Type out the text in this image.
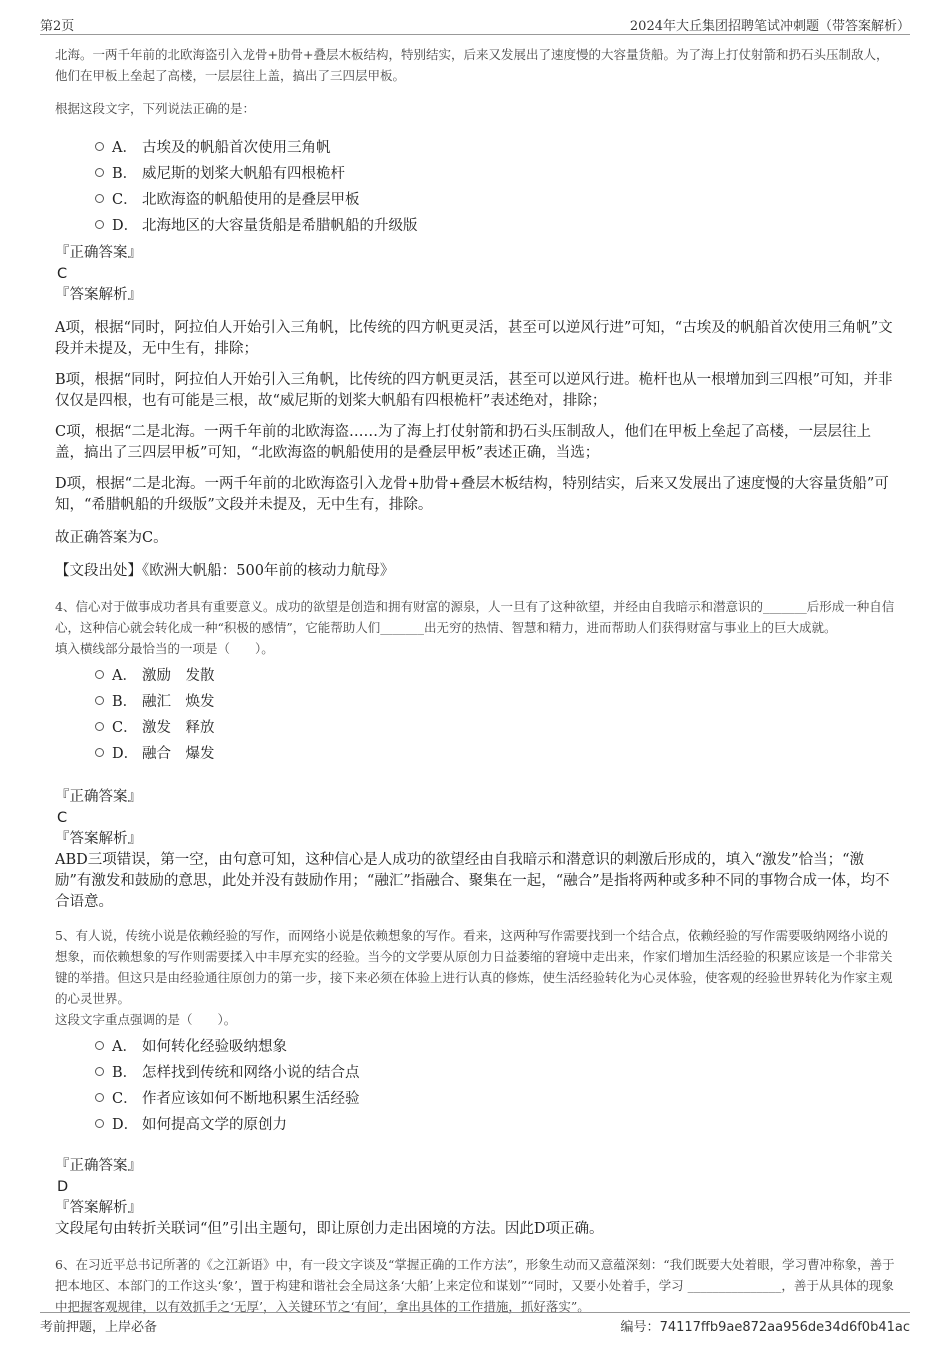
第2页	2024年大丘集团招聘笔试冲刺题（带答案解析）

北海。一两千年前的北欧海盗引入龙骨+肋骨+叠层木板结构，特别结实，后来又发展出了速度慢的大容量货船。为了海上打仗射箭和扔石头压制敌人，他们在甲板上垒起了高楼，一层层往上盖，搞出了三四层甲板。

根据这段文字，下列说法正确的是：

A． 古埃及的帆船首次使用三角帆
B． 威尼斯的划桨大帆船有四根桅杆
C． 北欧海盗的帆船使用的是叠层甲板
D． 北海地区的大容量货船是希腊帆船的升级版

『正确答案』

C

『答案解析』

A项，根据“同时，阿拉伯人开始引入三角帆，比传统的四方帆更灵活，甚至可以逆风行进”可知，“古埃及的帆船首次使用三角帆”文段并未提及，无中生有，排除；

B项，根据“同时，阿拉伯人开始引入三角帆，比传统的四方帆更灵活，甚至可以逆风行进。桅杆也从一根增加到三四根”可知，并非仅仅是四根，也有可能是三根，故“威尼斯的划桨大帆船有四根桅杆”表述绝对，排除；

C项，根据“二是北海。一两千年前的北欧海盗……为了海上打仗射箭和扔石头压制敌人，他们在甲板上垒起了高楼，一层层往上盖，搞出了三四层甲板”可知，“北欧海盗的帆船使用的是叠层甲板”表述正确，当选；

D项，根据“二是北海。一两千年前的北欧海盗引入龙骨+肋骨+叠层木板结构，特别结实，后来又发展出了速度慢的大容量货船”可知，“希腊帆船的升级版”文段并未提及，无中生有，排除。

故正确答案为C。

【文段出处】《欧洲大帆船：500年前的核动力航母》

4、信心对于做事成功者具有重要意义。成功的欲望是创造和拥有财富的源泉，人一旦有了这种欲望，并经由自我暗示和潜意识的_______后形成一种自信心，这种信心就会转化成一种“积极的感情”，它能帮助人们_______出无穷的热情、智慧和精力，进而帮助人们获得财富与事业上的巨大成就。

填入横线部分最恰当的一项是（　　）。

A． 激励　发散
B． 融汇　焕发
C． 激发　释放
D． 融合　爆发

『正确答案』

C

『答案解析』

ABD三项错误，第一空，由句意可知，这种信心是人成功的欲望经由自我暗示和潜意识的刺激后形成的，填入“激发”恰当；“激励”有激发和鼓励的意思，此处并没有鼓励作用；“融汇”指融合、聚集在一起，“融合”是指将两种或多种不同的事物合成一体，均不合语意。

5、有人说，传统小说是依赖经验的写作，而网络小说是依赖想象的写作。看来，这两种写作需要找到一个结合点，依赖经验的写作需要吸纳网络小说的想象，而依赖想象的写作则需要揉入中丰厚充实的经验。当今的文学要从原创力日益萎缩的窘境中走出来，作家们增加生活经验的积累应该是一个非常关键的举措。但这只是由经验通往原创力的第一步，接下来必须在体验上进行认真的修炼，使生活经验转化为心灵体验，使客观的经验世界转化为作家主观的心灵世界。

这段文字重点强调的是（　　）。

A． 如何转化经验吸纳想象
B． 怎样找到传统和网络小说的结合点
C． 作者应该如何不断地积累生活经验
D． 如何提高文学的原创力

『正确答案』

D

『答案解析』

文段尾句由转折关联词“但”引出主题句，即让原创力走出困境的方法。因此D项正确。

6、在习近平总书记所著的《之江新语》中，有一段文字谈及“掌握正确的工作方法”，形象生动而又意蕴深刻：“我们既要大处着眼，学习曹冲称象，善于把本地区、本部门的工作这头‘象’，置于构建和谐社会全局这条‘大船’上来定位和谋划”“同时，又要小处着手，学习 _______________，善于从具体的现象中把握客观规律，以有效抓手之‘无厚’，入关键环节之‘有间’，拿出具体的工作措施，抓好落实”。

考前押题，上岸必备	编号：74117ffb9ae872aa956de34d6f0b41ac
